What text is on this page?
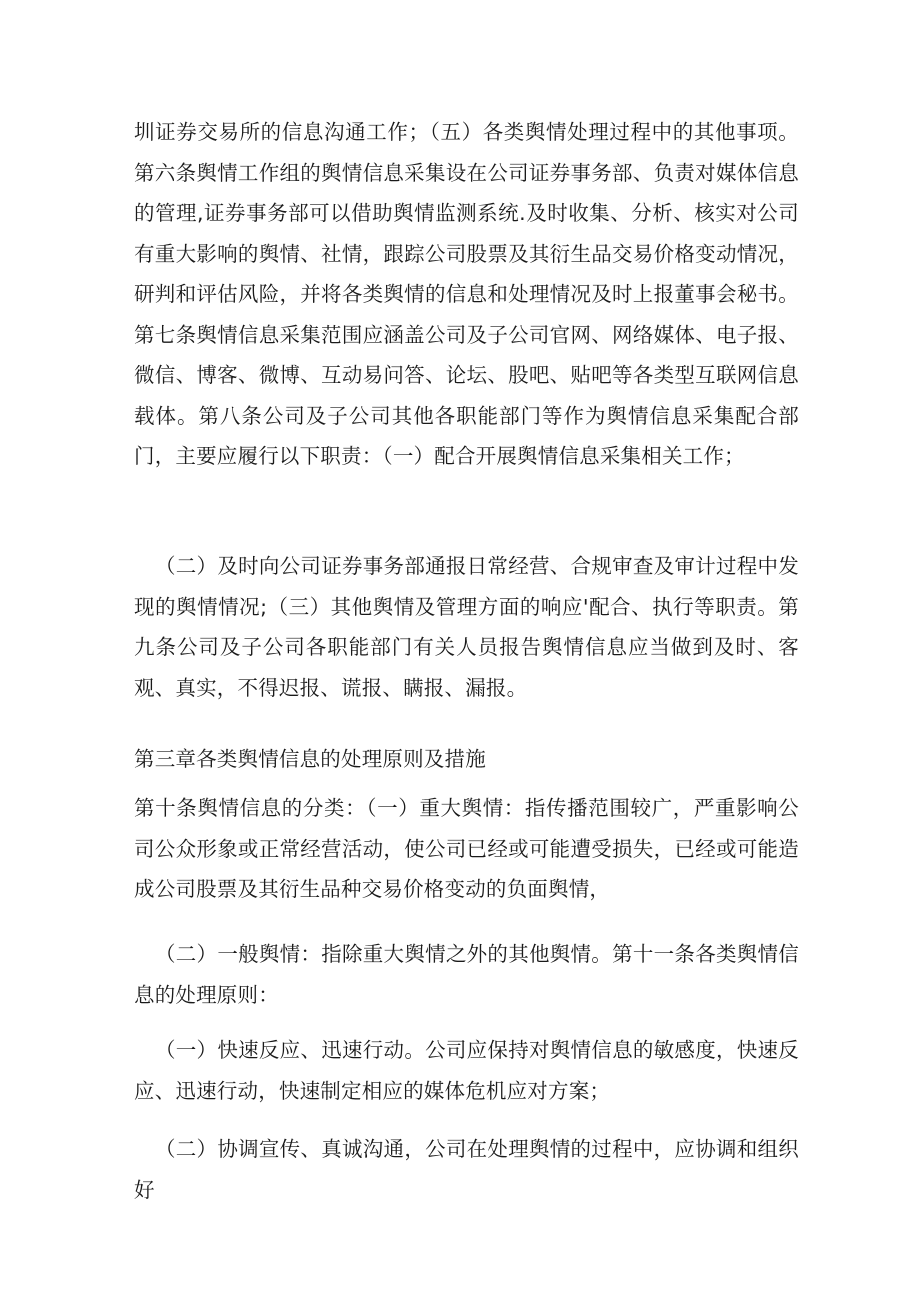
圳证券交易所的信息沟通工作；（五）各类舆情处理过程中的其他事项。第六条舆情工作组的舆情信息采集设在公司证券事务部、负责对媒体信息的管理,证券事务部可以借助舆情监测系统.及时收集、分析、核实对公司有重大影响的舆情、社情，跟踪公司股票及其衍生品交易价格变动情况，研判和评估风险，并将各类舆情的信息和处理情况及时上报董事会秘书。第七条舆情信息采集范围应涵盖公司及子公司官网、网络媒体、电子报、微信、博客、微博、互动易问答、论坛、股吧、贴吧等各类型互联网信息载体。第八条公司及子公司其他各职能部门等作为舆情信息采集配合部门，主要应履行以下职责：（一）配合开展舆情信息采集相关工作；

（二）及时向公司证券事务部通报日常经营、合规审查及审计过程中发现的舆情情况;（三）其他舆情及管理方面的响应'配合、执行等职责。第九条公司及子公司各职能部门有关人员报告舆情信息应当做到及时、客观、真实，不得迟报、谎报、瞒报、漏报。

第三章各类舆情信息的处理原则及措施

第十条舆情信息的分类：（一）重大舆情：指传播范围较广，严重影响公司公众形象或正常经营活动，使公司已经或可能遭受损失，已经或可能造成公司股票及其衍生品种交易价格变动的负面舆情，

（二）一般舆情：指除重大舆情之外的其他舆情。第十一条各类舆情信息的处理原则：

（一）快速反应、迅速行动。公司应保持对舆情信息的敏感度，快速反应、迅速行动，快速制定相应的媒体危机应对方案；

（二）协调宣传、真诚沟通，公司在处理舆情的过程中，应协调和组织好
